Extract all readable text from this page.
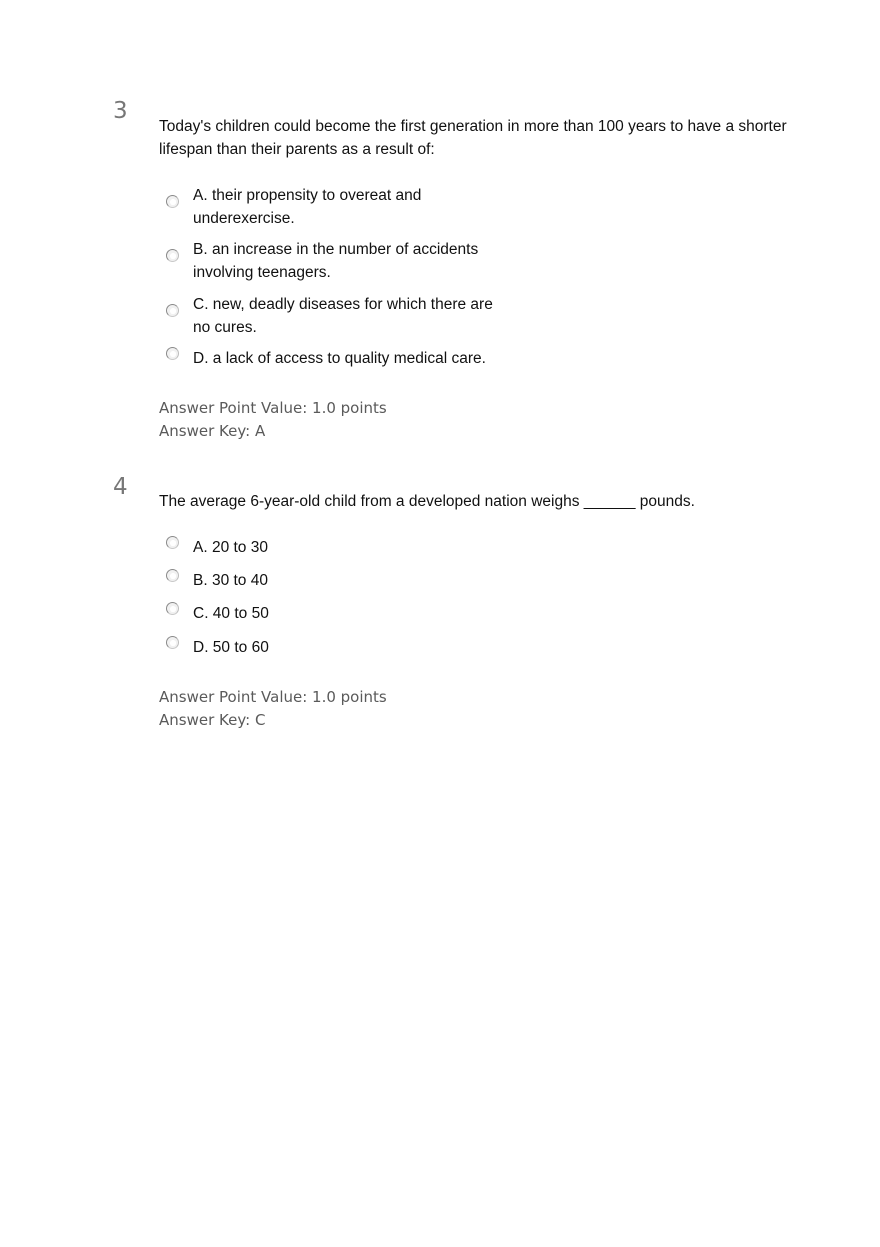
3
Today's children could become the first generation in more than 100 years to have a shorter
lifespan than their parents as a result of:
A. their propensity to overeat and
underexercise.
B. an increase in the number of accidents
involving teenagers.
C. new, deadly diseases for which there are
no cures.
D. a lack of access to quality medical care.
Answer Point Value: 1.0 points
Answer Key: A
4
The average 6-year-old child from a developed nation weighs ______ pounds.
A. 20 to 30
B. 30 to 40
C. 40 to 50
D. 50 to 60
Answer Point Value: 1.0 points
Answer Key: C
